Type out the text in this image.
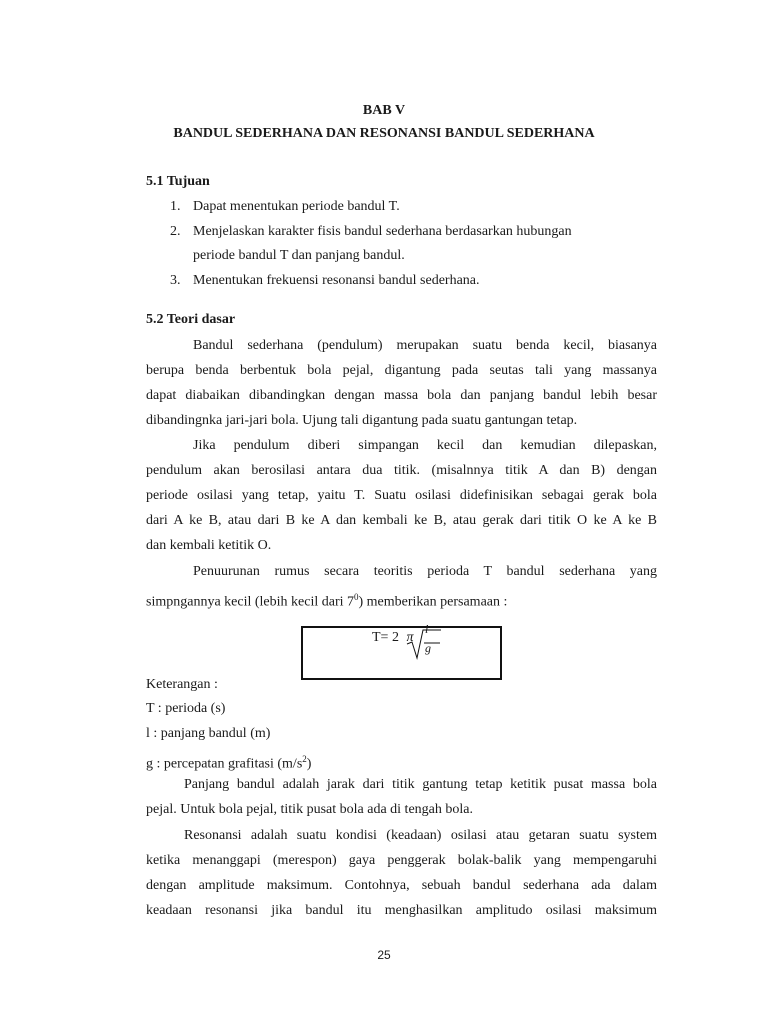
BAB V
BANDUL SEDERHANA DAN RESONANSI BANDUL SEDERHANA
5.1 Tujuan
1. Dapat menentukan periode bandul T.
2. Menjelaskan karakter fisis bandul sederhana berdasarkan hubungan
periode bandul T dan panjang bandul.
3. Menentukan frekuensi resonansi bandul sederhana.
5.2 Teori dasar
Bandul sederhana (pendulum) merupakan suatu benda kecil, biasanya
berupa benda berbentuk bola pejal, digantung pada seutas tali yang massanya
dapat diabaikan dibandingkan dengan massa bola dan panjang bandul lebih besar
dibandingnka jari-jari bola. Ujung tali digantung pada suatu gantungan tetap.
Jika pendulum diberi simpangan kecil dan kemudian dilepaskan,
pendulum akan berosilasi antara dua titik. (misalnnya titik A dan B) dengan
periode osilasi yang tetap, yaitu T. Suatu osilasi didefinisikan sebagai gerak bola
dari A ke B, atau dari B ke A dan kembali ke B, atau gerak dari titik O ke A ke B
dan kembali ketitik O.
Penuurunan rumus secara teoritis perioda T bandul sederhana yang
simpngannya kecil (lebih kecil dari $7^0$) memberikan persamaan :
T= 2 π
l
g
Keterangan :
T : perioda (s)
l : panjang bandul (m)
g : percepatan grafitasi $(m/s^2)$
Panjang bandul adalah jarak dari titik gantung tetap ketitik pusat massa bola
pejal. Untuk bola pejal, titik pusat bola ada di tengah bola.
Resonansi adalah suatu kondisi (keadaan) osilasi atau getaran suatu system
ketika menanggapi (merespon) gaya penggerak bolak-balik yang mempengaruhi
dengan amplitude maksimum. Contohnya, sebuah bandul sederhana ada dalam
keadaan resonansi jika bandul itu menghasilkan amplitudo osilasi maksimum
25
